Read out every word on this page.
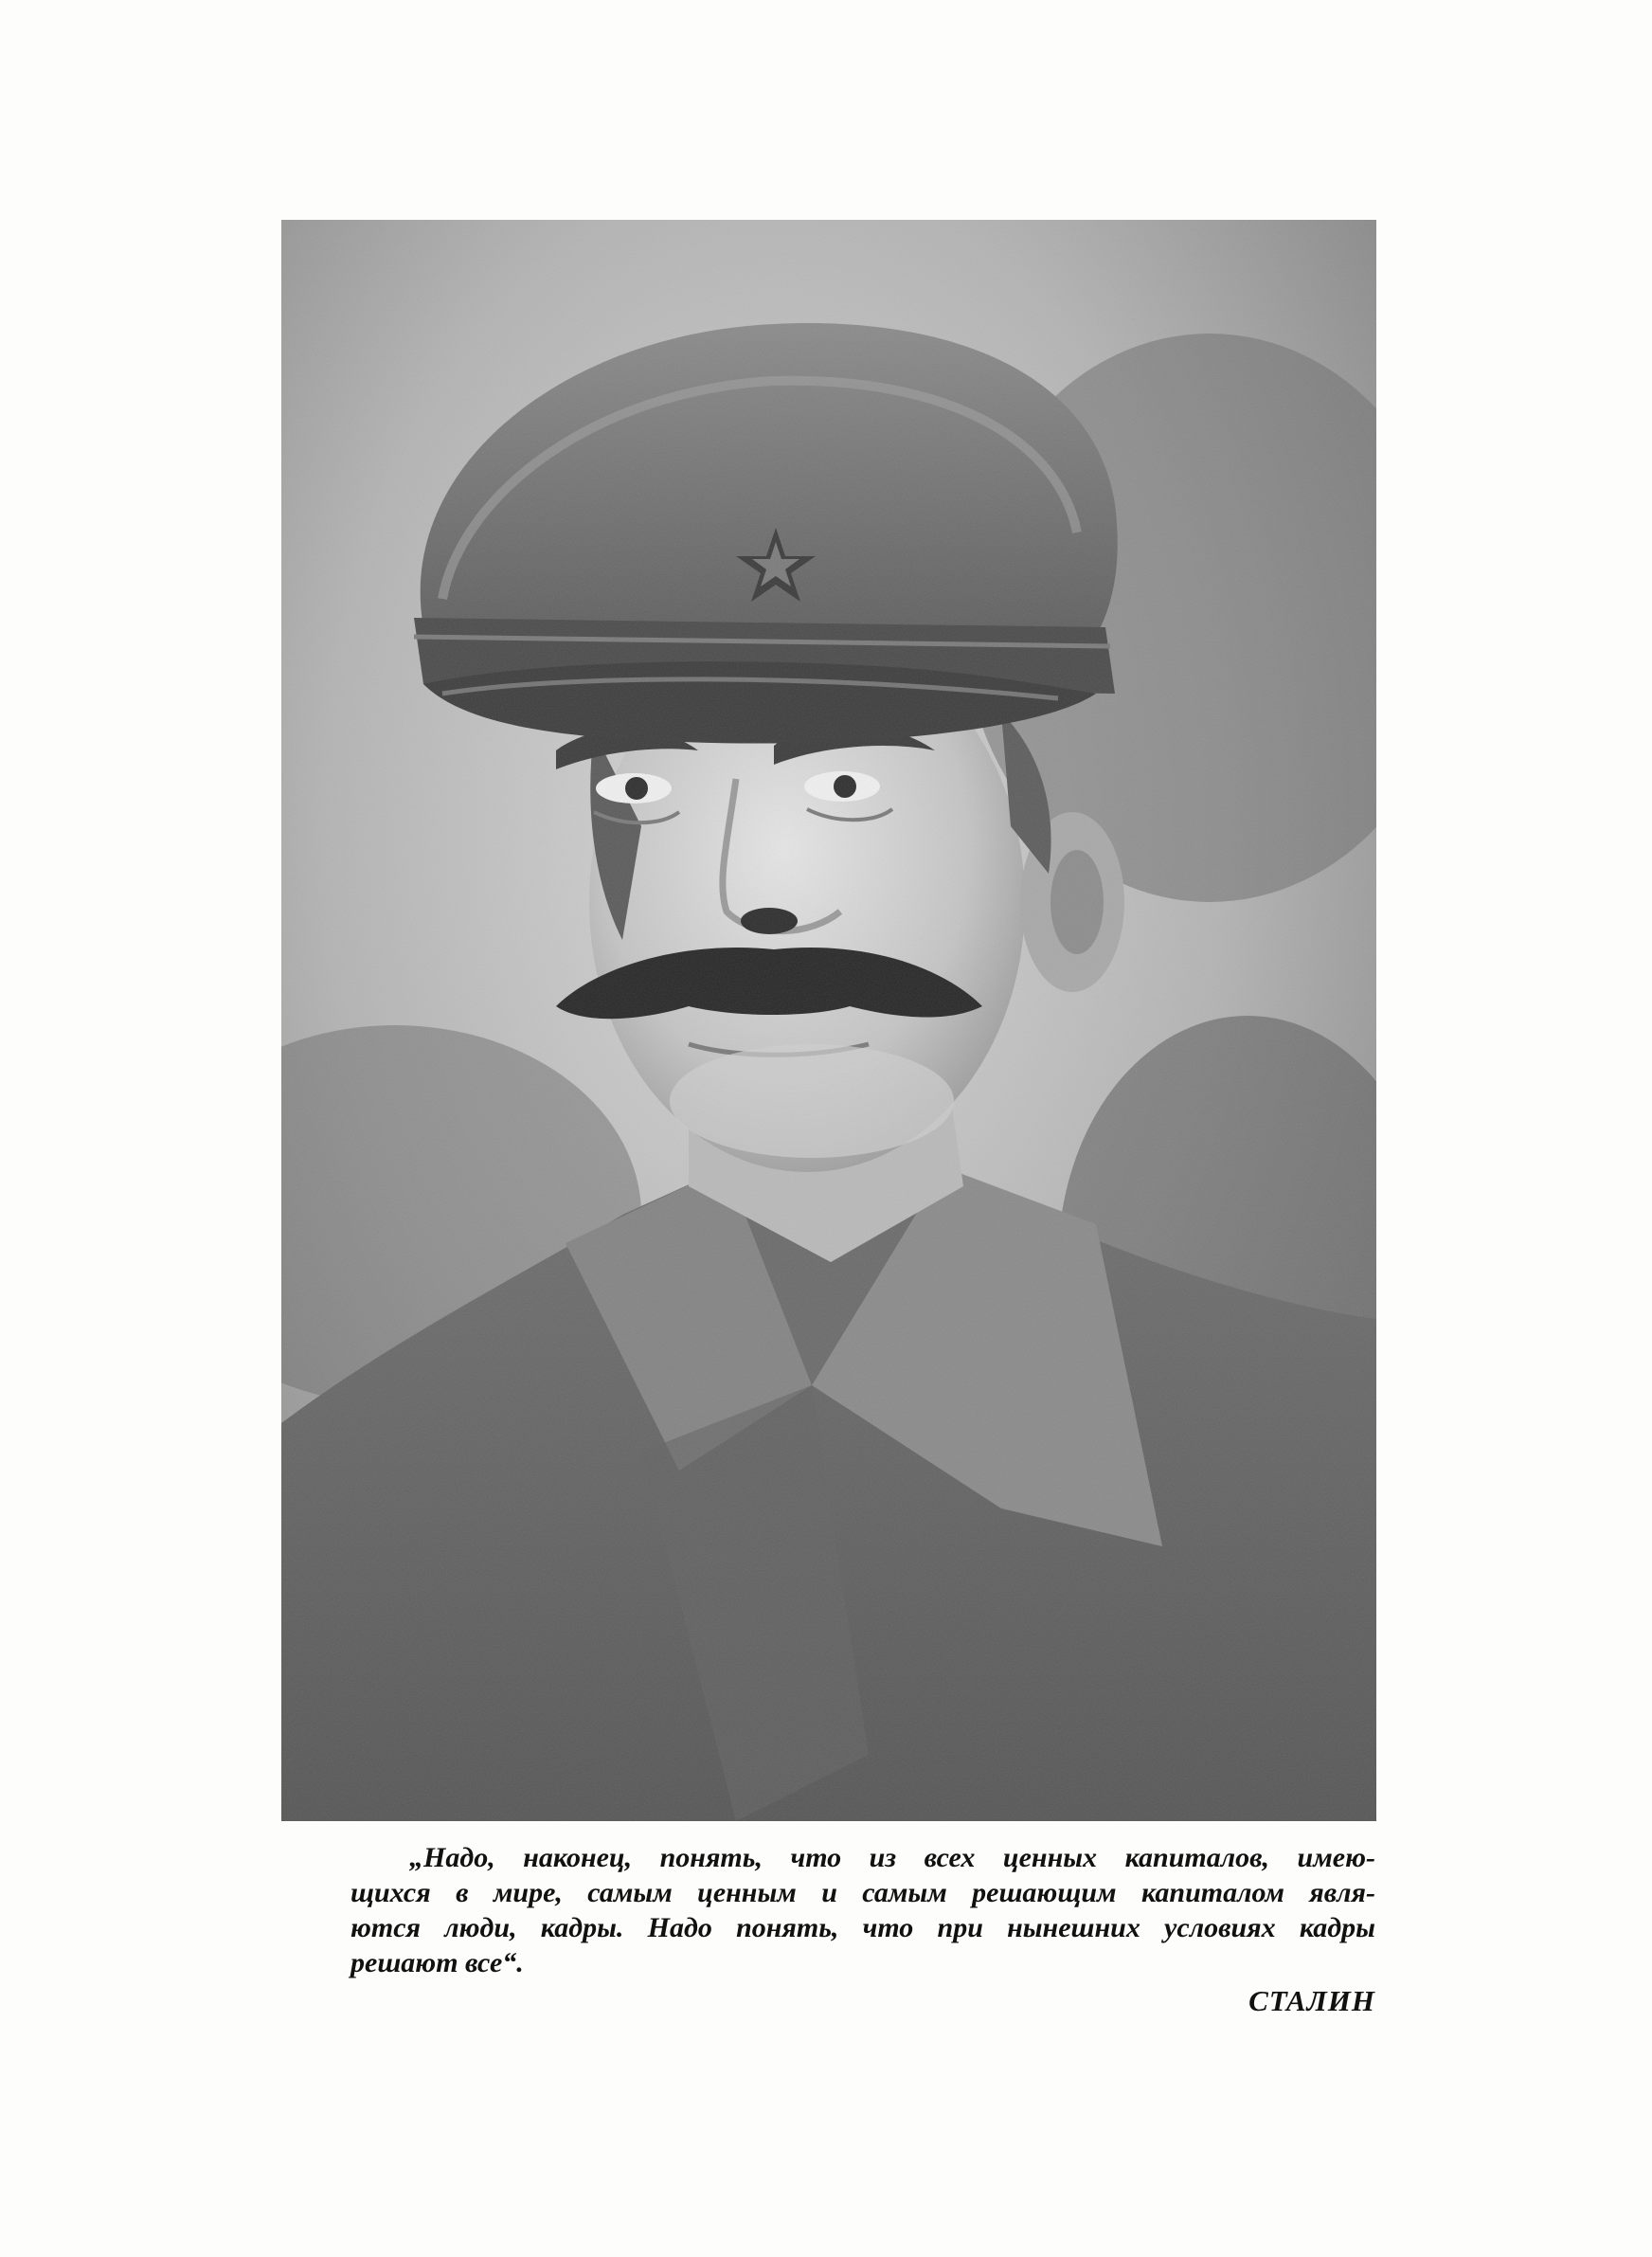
„Надо, наконец, понять, что из всех ценных капиталов, имею-
щихся в мире, самым ценным и самым решающим капиталом явля-
ются люди, кадры. Надо понять, что при нынешних условиях кадры
решают все“.
СТАЛИН
